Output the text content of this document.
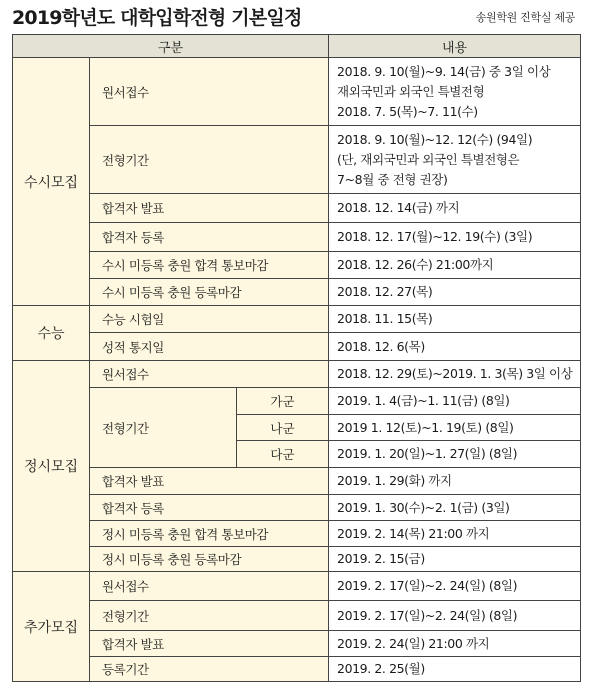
2019학년도 대학입학전형 기본일정	송원학원 진학실 제공
구분			내용
수시모집	원서접수		2018. 9. 10(월)~9. 14(금) 중 3일 이상
재외국민과 외국인 특별전형
2018. 7. 5(목)~7. 11(수)

	전형기간		2018. 9. 10(월)~12. 12(수) (94일)
(단, 재외국민과 외국인 특별전형은
7~8월 중 전형 권장)

	합격자 발표		2018. 12. 14(금) 까지

	합격자 등록		2018. 12. 17(월)~12. 19(수) (3일)

	수시 미등록 충원 합격 통보마감		2018. 12. 26(수) 21:00까지

	수시 미등록 충원 등록마감		2018. 12. 27(목)

수능	수능 시험일		2018. 11. 15(목)

	성적 통지일		2018. 12. 6(목)

정시모집	원서접수		2018. 12. 29(토)~2019. 1. 3(목) 3일 이상

	전형기간	가군	2019. 1. 4(금)~1. 11(금) (8일)

		나군	2019 1. 12(토)~1. 19(토) (8일)

		다군	2019. 1. 20(일)~1. 27(일) (8일)

	합격자 발표		2019. 1. 29(화) 까지

	합격자 등록		2019. 1. 30(수)~2. 1(금) (3일)

	정시 미등록 충원 합격 통보마감		2019. 2. 14(목) 21:00 까지

	정시 미등록 충원 등록마감		2019. 2. 15(금)

추가모집	원서접수		2019. 2. 17(일)~2. 24(일) (8일)

	전형기간		2019. 2. 17(일)~2. 24(일) (8일)

	합격자 발표		2019. 2. 24(일) 21:00 까지

	등록기간		2019. 2. 25(월)
